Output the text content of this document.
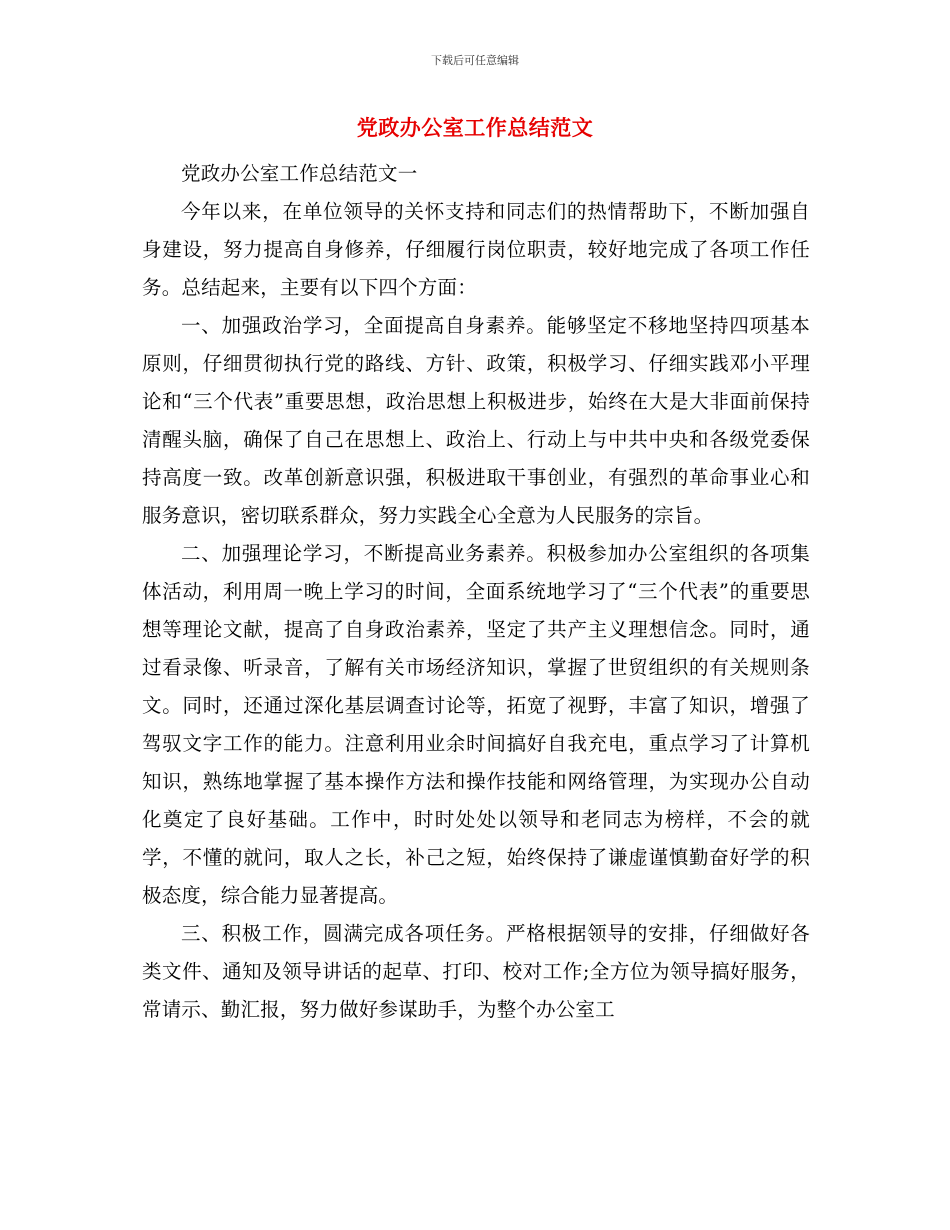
下载后可任意编辑
党政办公室工作总结范文

党政办公室工作总结范文一

今年以来，在单位领导的关怀支持和同志们的热情帮助下，不断加强自身建设，努力提高自身修养，仔细履行岗位职责，较好地完成了各项工作任务。总结起来，主要有以下四个方面：

一、加强政治学习，全面提高自身素养。能够坚定不移地坚持四项基本原则，仔细贯彻执行党的路线、方针、政策，积极学习、仔细实践邓小平理论和“三个代表”重要思想，政治思想上积极进步，始终在大是大非面前保持清醒头脑，确保了自己在思想上、政治上、行动上与中共中央和各级党委保持高度一致。改革创新意识强，积极进取干事创业，有强烈的革命事业心和服务意识，密切联系群众，努力实践全心全意为人民服务的宗旨。

二、加强理论学习，不断提高业务素养。积极参加办公室组织的各项集体活动，利用周一晚上学习的时间，全面系统地学习了“三个代表”的重要思想等理论文献，提高了自身政治素养，坚定了共产主义理想信念。同时，通过看录像、听录音，了解有关市场经济知识，掌握了世贸组织的有关规则条文。同时，还通过深化基层调查讨论等，拓宽了视野，丰富了知识，增强了驾驭文字工作的能力。注意利用业余时间搞好自我充电，重点学习了计算机知识，熟练地掌握了基本操作方法和操作技能和网络管理，为实现办公自动化奠定了良好基础。工作中，时时处处以领导和老同志为榜样，不会的就学，不懂的就问，取人之长，补己之短，始终保持了谦虚谨慎勤奋好学的积极态度，综合能力显著提高。

三、积极工作，圆满完成各项任务。严格根据领导的安排，仔细做好各类文件、通知及领导讲话的起草、打印、校对工作;全方位为领导搞好服务，常请示、勤汇报，努力做好参谋助手，为整个办公室工
